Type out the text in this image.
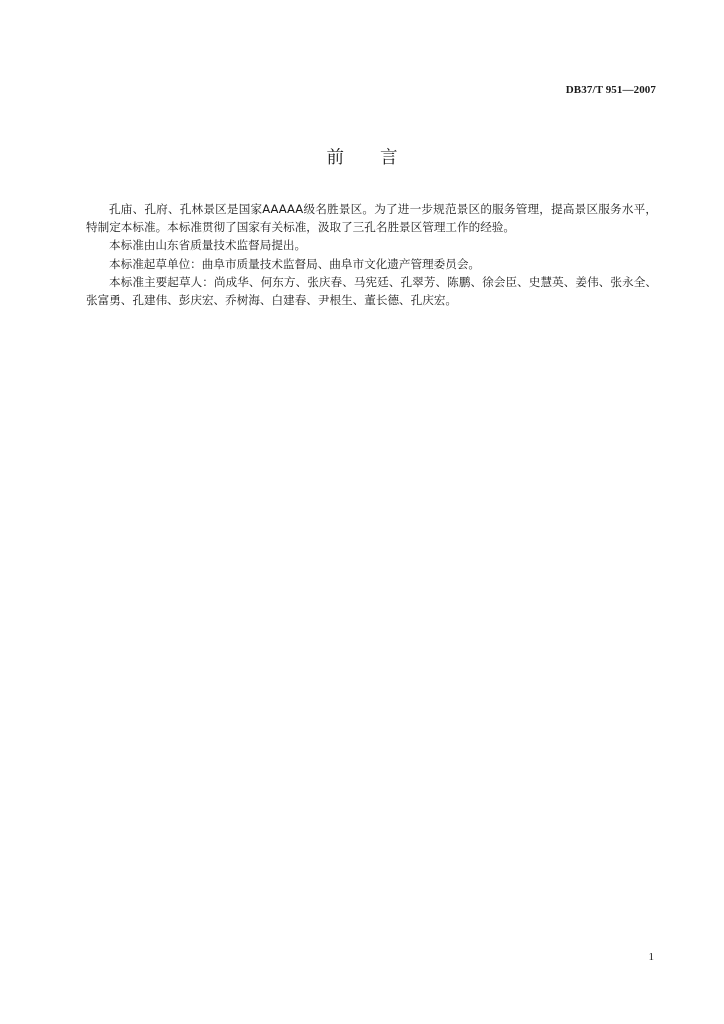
DB37/T 951—2007
前 言

孔庙、孔府、孔林景区是国家AAAAA级名胜景区。为了进一步规范景区的服务管理，提高景区服务水平，特制定本标准。本标准贯彻了国家有关标准，汲取了三孔名胜景区管理工作的经验。

本标准由山东省质量技术监督局提出。

本标准起草单位：曲阜市质量技术监督局、曲阜市文化遗产管理委员会。

本标准主要起草人：尚成华、何东方、张庆春、马宪廷、孔翠芳、陈鹏、徐会臣、史慧英、姜伟、张永全、张富勇、孔建伟、彭庆宏、乔树海、白建春、尹根生、董长德、孔庆宏。

1
